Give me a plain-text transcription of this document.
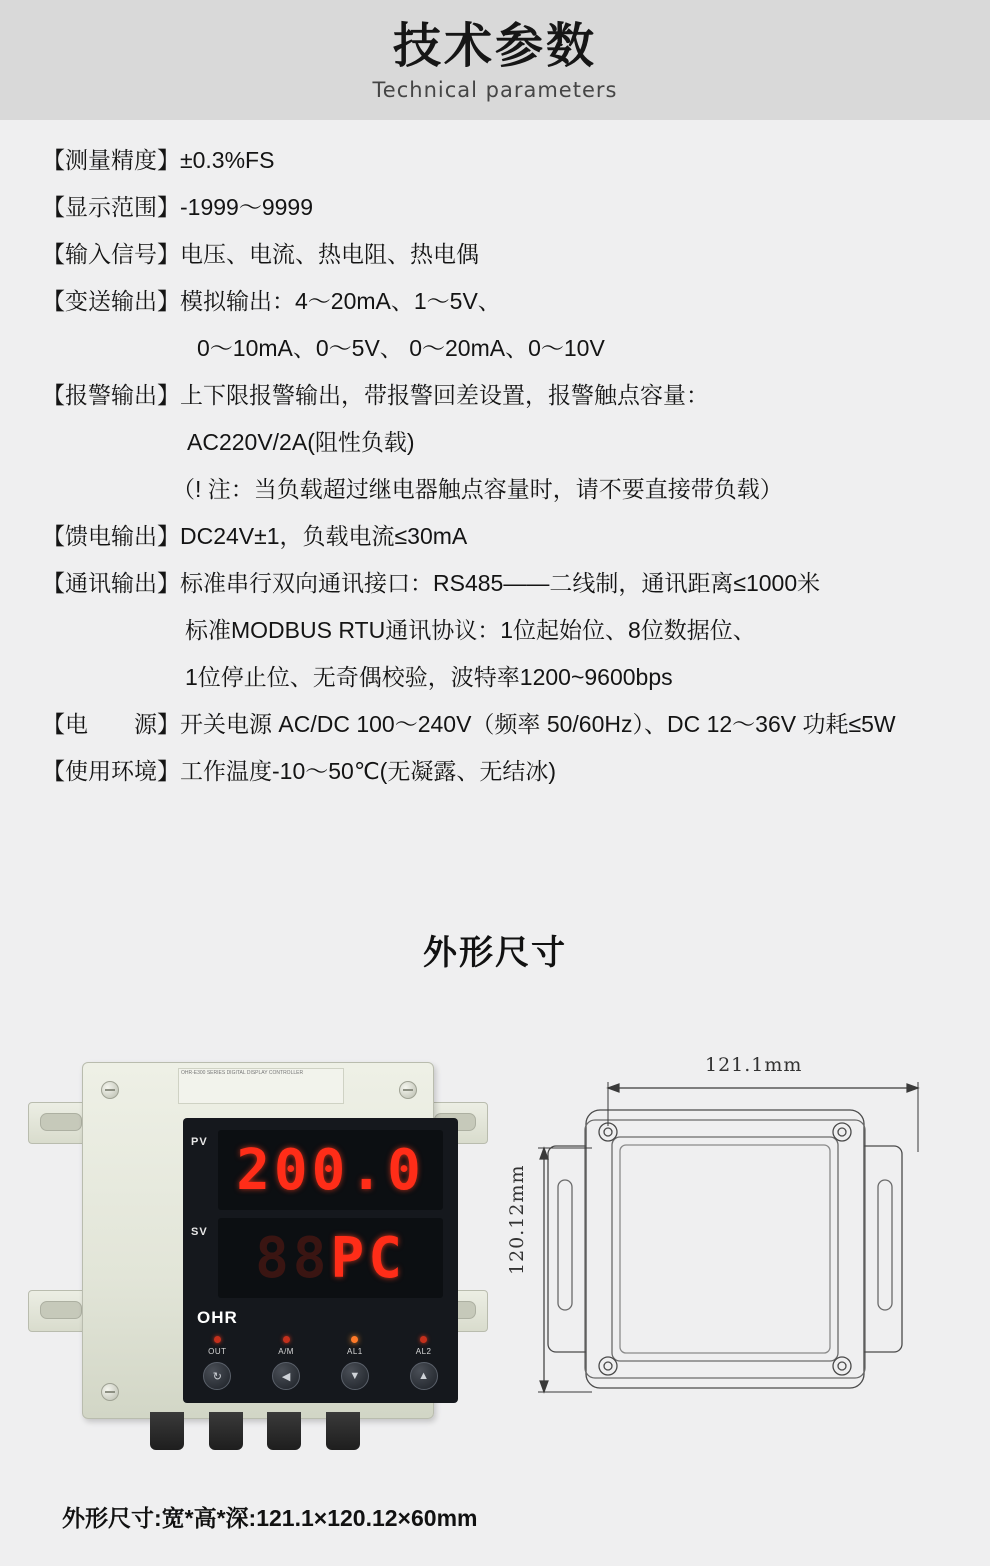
技术参数
Technical parameters
【测量精度】 ±0.3%FS
【显示范围】 -1999～9999
【输入信号】 电压、电流、热电阻、热电偶
【变送输出】 模拟输出：4～20mA、1～5V、
0～10mA、0～5V、 0～20mA、0～10V
【报警输出】 上下限报警输出，带报警回差设置，报警触点容量：
AC220V/2A(阻性负载)
（! 注：当负载超过继电器触点容量时，请不要直接带负载）
【馈电输出】 DC24V±1，负载电流≤30mA
【通讯输出】 标准串行双向通讯接口：RS485——二线制，通讯距离≤1000米
标准MODBUS RTU通讯协议：1位起始位、8位数据位、
1位停止位、无奇偶校验，波特率1200~9600bps
【电　　源】 开关电源 AC/DC 100～240V（频率 50/60Hz）、DC 12～36V 功耗≤5W
【使用环境】 工作温度-10～50℃(无凝露、无结冰)
外形尺寸
OHR-E300 SERIES DIGITAL DISPLAY CONTROLLER
PV
SV
200.0
88 PC
OHR
OUT	A/M	AL1	AL2
↻	◀	▼	▲
121.1mm
120.12mm
外形尺寸:宽*高*深:121.1×120.12×60mm
